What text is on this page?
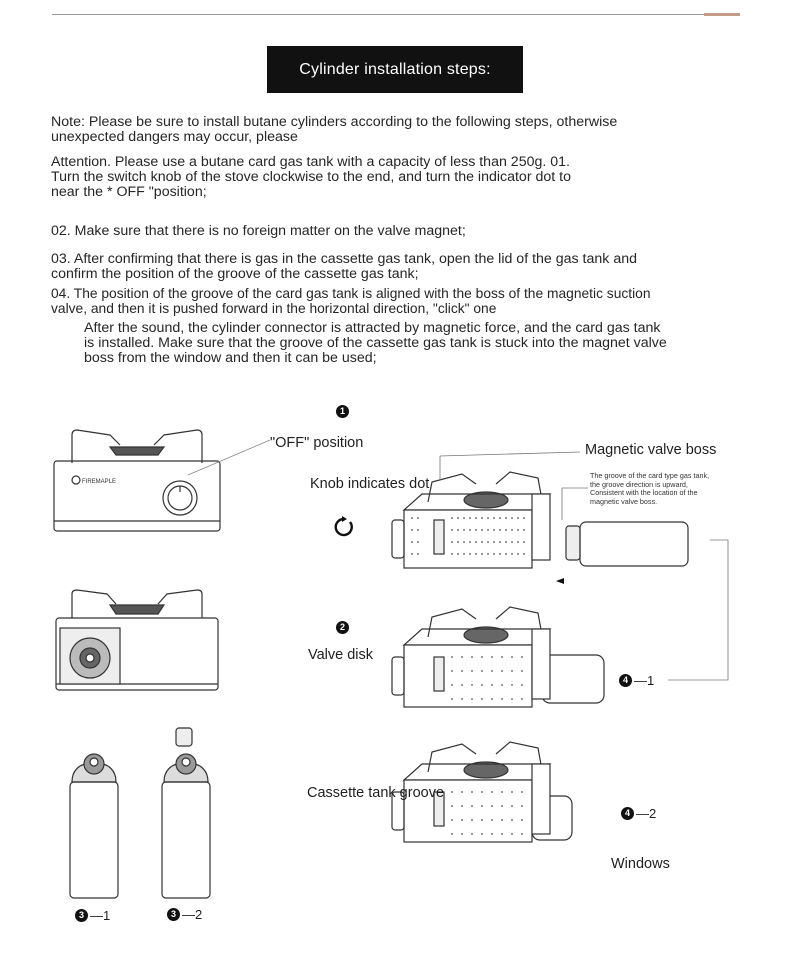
Cylinder installation steps:
Note: Please be sure to install butane cylinders according to the following steps, otherwise
unexpected dangers may occur, please
Attention. Please use a butane card gas tank with a capacity of less than 250g. 01.
Turn the switch knob of the stove clockwise to the end, and turn the indicator dot to
near the * OFF "position;
02. Make sure that there is no foreign matter on the valve magnet;
03. After confirming that there is gas in the cassette gas tank, open the lid of the gas tank and
confirm the position of the groove of the cassette gas tank;
04. The position of the groove of the card gas tank is aligned with the boss of the magnetic suction
valve, and then it is pushed forward in the horizontal direction, "click" one
After the sound, the cylinder connector is attracted by magnetic force, and the card gas tank
is installed. Make sure that the groove of the cassette gas tank is stuck into the magnet valve
boss from the window and then it can be used;
FIREMAPLE
1
2
"OFF" position
Knob indicates dot
Magnetic valve boss
The groove of the card type gas tank,
the groove direction is upward,
Consistent with the location of the
magnetic valve boss.
Valve disk
Cassette tank groove
Windows
4 —1
4 —2
3 —1	3 —2
